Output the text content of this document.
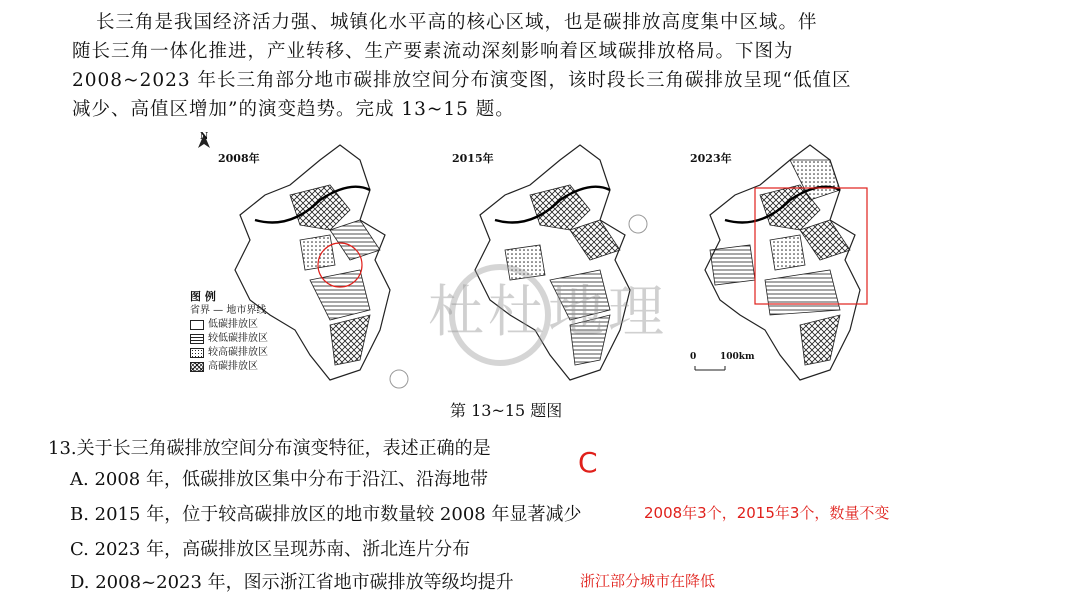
长三角是我国经济活力强、城镇化水平高的核心区域，也是碳排放高度集中区域。伴

随长三角一体化推进，产业转移、生产要素流动深刻影响着区域碳排放格局。下图为

2008~2023 年长三角部分地市碳排放空间分布演变图，该时段长三角碳排放呈现“低值区

减少、高值区增加”的演变趋势。完成 13~15 题。

2008年	2015年	2023年
N
图 例
省界 — 地市界线
低碳排放区
较低碳排放区
较高碳排放区
高碳排放区
0	100km
杜杜地理
第 13~15 题图
13.关于长三角碳排放空间分布演变特征，表述正确的是
A. 2008 年，低碳排放区集中分布于沿江、沿海地带
B. 2015 年，位于较高碳排放区的地市数量较 2008 年显著减少
C. 2023 年，高碳排放区呈现苏南、浙北连片分布
D. 2008~2023 年，图示浙江省地市碳排放等级均提升
C
2008年3个，2015年3个，数量不变
浙江部分城市在降低
